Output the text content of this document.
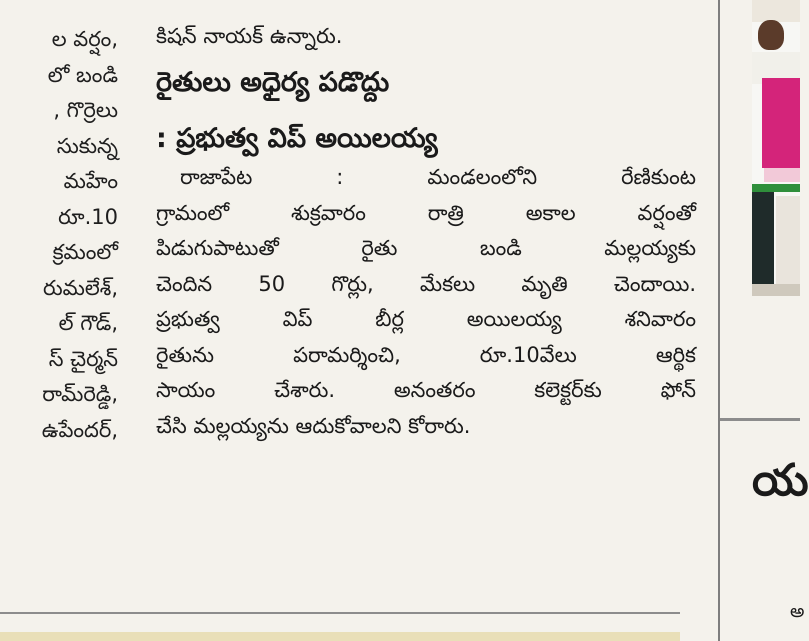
ల వర్షం,
లో బండి
, గొర్రెలు
సుకున్న
మహేం
రూ.10
క్రమంలో
రుమలేశ్,
ల్ గౌడ్,
స్ చైర్మన్
రామ్‌రెడ్డి,
ఉపేందర్,
కిషన్ నాయక్ ఉన్నారు.
రైతులు అధైర్య పడొద్దు
: ప్రభుత్వ విప్ అయిలయ్య
రాజాపేట : మండలంలోని రేణికుంట
గ్రామంలో శుక్రవారం రాత్రి అకాల వర్షంతో
పిడుగుపాటుతో రైతు బండి మల్లయ్యకు
చెందిన 50 గొర్లు, మేకలు మృతి చెందాయి.
ప్రభుత్వ విప్ బీర్ల అయిలయ్య శనివారం
రైతును పరామర్శించి, రూ.10వేలు ఆర్థిక
సాయం చేశారు. అనంతరం కలెక్టర్‌కు ఫోన్
చేసి మల్లయ్యను ఆదుకోవాలని కోరారు.
య
అ
